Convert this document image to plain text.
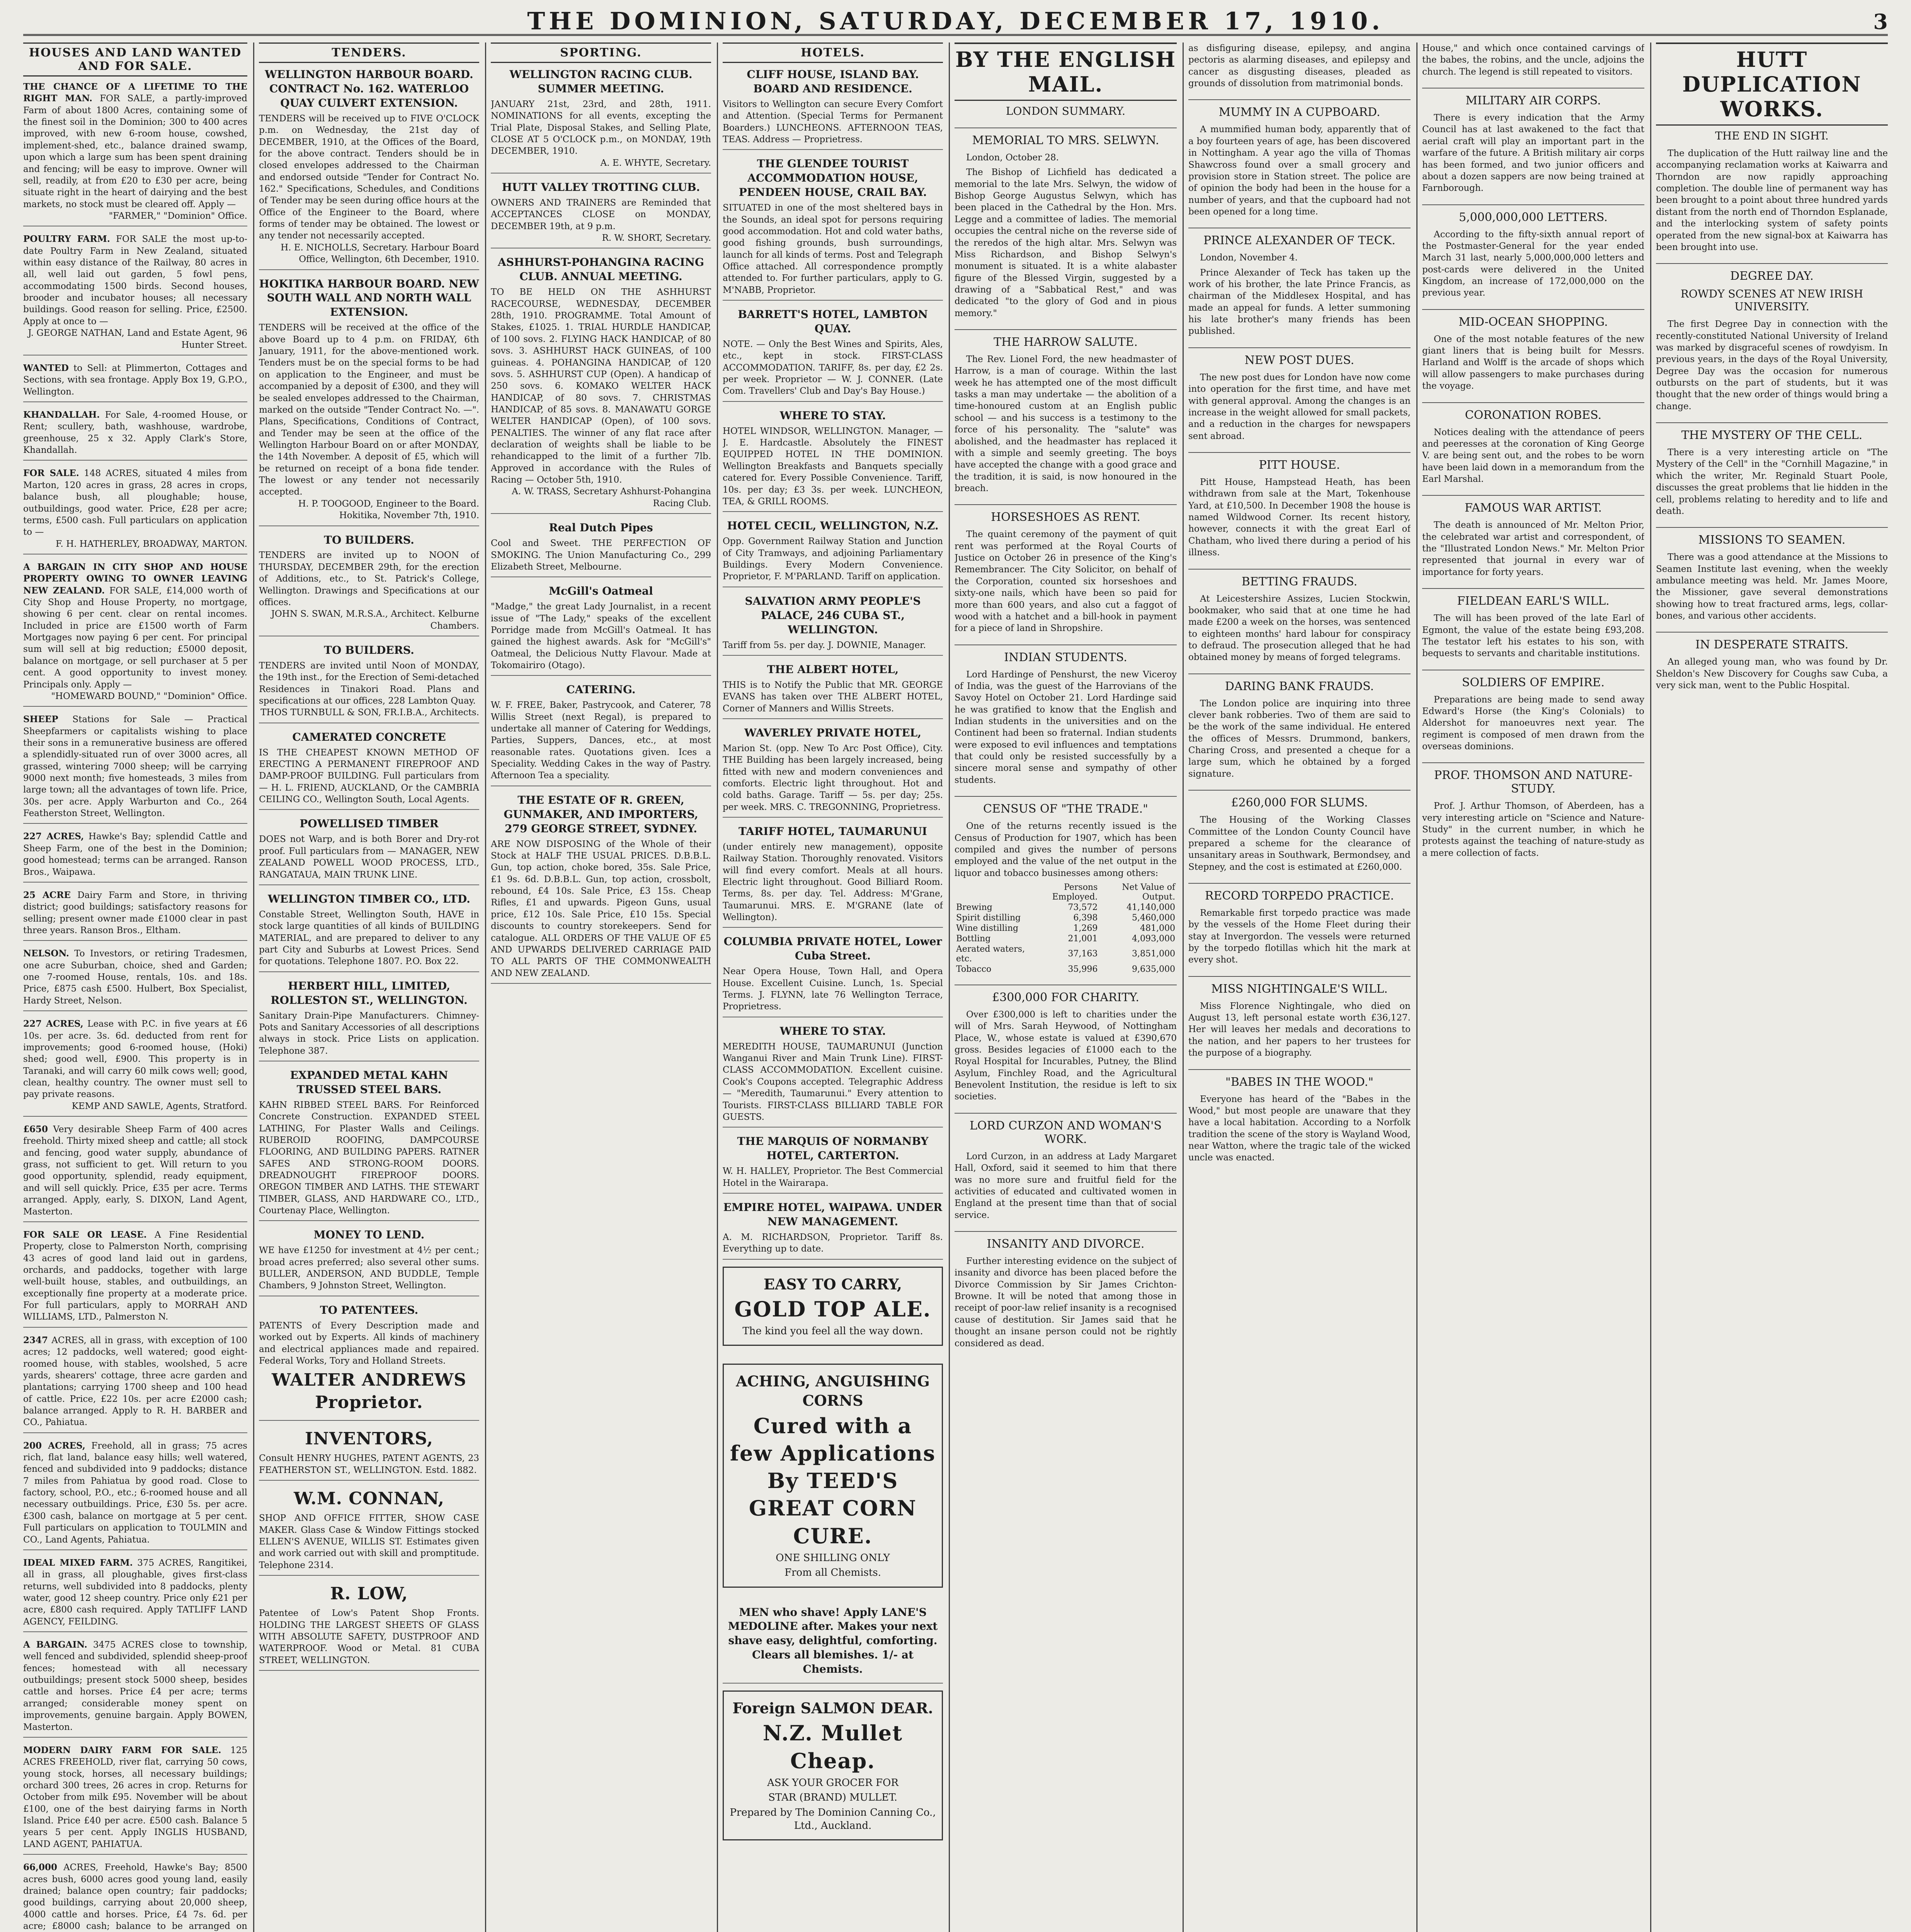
THE DOMINION, SATURDAY, DECEMBER 17, 1910.	3
HOUSES AND LAND WANTED AND FOR SALE.
THE CHANCE OF A LIFETIME TO THE RIGHT MAN. FOR SALE, a partly-improved Farm of about 1800 Acres, containing some of the finest soil in the Dominion; 300 to 400 acres improved, with new 6-room house, cowshed, implement-shed, etc., balance drained swamp, upon which a large sum has been spent draining and fencing; will be easy to improve. Owner will sell, readily, at from £20 to £30 per acre, being situate right in the heart of dairying and the best markets, no stock must be cleared off. Apply —
"FARMER," "Dominion" Office.
POULTRY FARM. FOR SALE the most up-to-date Poultry Farm in New Zealand, situated within easy distance of the Railway, 80 acres in all, well laid out garden, 5 fowl pens, accommodating 1500 birds. Second houses, brooder and incubator houses; all necessary buildings. Good reason for selling. Price, £2500. Apply at once to —
J. GEORGE NATHAN, Land and Estate Agent, 96 Hunter Street.
WANTED to Sell: at Plimmerton, Cottages and Sections, with sea frontage. Apply Box 19, G.P.O., Wellington.
KHANDALLAH. For Sale, 4-roomed House, or Rent; scullery, bath, washhouse, wardrobe, greenhouse, 25 x 32. Apply Clark's Store, Khandallah.
FOR SALE. 148 ACRES, situated 4 miles from Marton, 120 acres in grass, 28 acres in crops, balance bush, all ploughable; house, outbuildings, good water. Price, £28 per acre; terms, £500 cash. Full particulars on application to —
F. H. HATHERLEY, BROADWAY, MARTON.
A BARGAIN IN CITY SHOP AND HOUSE PROPERTY OWING TO OWNER LEAVING NEW ZEALAND. FOR SALE, £14,000 worth of City Shop and House Property, no mortgage, showing 6 per cent. clear on rental incomes. Included in price are £1500 worth of Farm Mortgages now paying 6 per cent. For principal sum will sell at big reduction; £5000 deposit, balance on mortgage, or sell purchaser at 5 per cent. A good opportunity to invest money. Principals only. Apply —
"HOMEWARD BOUND," "Dominion" Office.
SHEEP Stations for Sale — Practical Sheepfarmers or capitalists wishing to place their sons in a remunerative business are offered a splendidly-situated run of over 3000 acres, all grassed, wintering 7000 sheep; will be carrying 9000 next month; five homesteads, 3 miles from large town; all the advantages of town life. Price, 30s. per acre. Apply Warburton and Co., 264 Featherston Street, Wellington.
227 ACRES, Hawke's Bay; splendid Cattle and Sheep Farm, one of the best in the Dominion; good homestead; terms can be arranged. Ranson Bros., Waipawa.
25 ACRE Dairy Farm and Store, in thriving district; good buildings; satisfactory reasons for selling; present owner made £1000 clear in past three years. Ranson Bros., Eltham.
NELSON. To Investors, or retiring Tradesmen, one acre Suburban, choice, shed and Garden; one 7-roomed House, rentals, 10s. and 18s. Price, £875 cash £500. Hulbert, Box Specialist, Hardy Street, Nelson.
227 ACRES, Lease with P.C. in five years at £6 10s. per acre. 3s. 6d. deducted from rent for improvements; good 6-roomed house, (Hoki) shed; good well, £900. This property is in Taranaki, and will carry 60 milk cows well; good, clean, healthy country. The owner must sell to pay private reasons.
KEMP AND SAWLE, Agents, Stratford.
£650 Very desirable Sheep Farm of 400 acres freehold. Thirty mixed sheep and cattle; all stock and fencing, good water supply, abundance of grass, not sufficient to get. Will return to you good opportunity, splendid, ready equipment, and will sell quickly. Price, £35 per acre. Terms arranged. Apply, early, S. DIXON, Land Agent, Masterton.
FOR SALE OR LEASE. A Fine Residential Property, close to Palmerston North, comprising 43 acres of good land laid out in gardens, orchards, and paddocks, together with large well-built house, stables, and outbuildings, an exceptionally fine property at a moderate price. For full particulars, apply to MORRAH AND WILLIAMS, LTD., Palmerston N.
2347 ACRES, all in grass, with exception of 100 acres; 12 paddocks, well watered; good eight-roomed house, with stables, woolshed, 5 acre yards, shearers' cottage, three acre garden and plantations; carrying 1700 sheep and 100 head of cattle. Price, £22 10s. per acre £2000 cash; balance arranged. Apply to R. H. BARBER and CO., Pahiatua.
200 ACRES, Freehold, all in grass; 75 acres rich, flat land, balance easy hills; well watered, fenced and subdivided into 9 paddocks; distance 7 miles from Pahiatua by good road. Close to factory, school, P.O., etc.; 6-roomed house and all necessary outbuildings. Price, £30 5s. per acre. £300 cash, balance on mortgage at 5 per cent. Full particulars on application to TOULMIN and CO., Land Agents, Pahiatua.
IDEAL MIXED FARM. 375 ACRES, Rangitikei, all in grass, all ploughable, gives first-class returns, well subdivided into 8 paddocks, plenty water, good 12 sheep country. Price only £21 per acre, £800 cash required. Apply TATLIFF LAND AGENCY, FEILDING.
A BARGAIN. 3475 ACRES close to township, well fenced and subdivided, splendid sheep-proof fences; homestead with all necessary outbuildings; present stock 5000 sheep, besides cattle and horses. Price £4 per acre; terms arranged; considerable money spent on improvements, genuine bargain. Apply BOWEN, Masterton.
MODERN DAIRY FARM FOR SALE. 125 ACRES FREEHOLD, river flat, carrying 50 cows, young stock, horses, all necessary buildings; orchard 300 trees, 26 acres in crop. Returns for October from milk £95. November will be about £100, one of the best dairying farms in North Island. Price £40 per acre. £500 cash. Balance 5 years 5 per cent. Apply INGLIS HUSBAND, LAND AGENT, PAHIATUA.
66,000 ACRES, Freehold, Hawke's Bay; 8500 acres bush, 6000 acres good young land, easily drained; balance open country; fair paddocks; good buildings, carrying about 20,000 sheep, 4000 cattle and horses. Price, £4 7s. 6d. per acre; £8000 cash; balance to be arranged on
TENDERS.
WELLINGTON HARBOUR BOARD. CONTRACT No. 162. WATERLOO QUAY CULVERT EXTENSION.
TENDERS will be received up to FIVE O'CLOCK p.m. on Wednesday, the 21st day of DECEMBER, 1910, at the Offices of the Board, for the above contract. Tenders should be in closed envelopes addressed to the Chairman and endorsed outside "Tender for Contract No. 162." Specifications, Schedules, and Conditions of Tender may be seen during office hours at the Office of the Engineer to the Board, where forms of tender may be obtained. The lowest or any tender not necessarily accepted.
H. E. NICHOLLS, Secretary. Harbour Board Office, Wellington, 6th December, 1910.
HOKITIKA HARBOUR BOARD. NEW SOUTH WALL AND NORTH WALL EXTENSION.
TENDERS will be received at the office of the above Board up to 4 p.m. on FRIDAY, 6th January, 1911, for the above-mentioned work. Tenders must be on the special forms to be had on application to the Engineer, and must be accompanied by a deposit of £300, and they will be sealed envelopes addressed to the Chairman, marked on the outside "Tender Contract No. —". Plans, Specifications, Conditions of Contract, and Tender may be seen at the office of the Wellington Harbour Board on or after MONDAY, the 14th November. A deposit of £5, which will be returned on receipt of a bona fide tender. The lowest or any tender not necessarily accepted.
H. P. TOOGOOD, Engineer to the Board. Hokitika, November 7th, 1910.
TO BUILDERS.
TENDERS are invited up to NOON of THURSDAY, DECEMBER 29th, for the erection of Additions, etc., to St. Patrick's College, Wellington. Drawings and Specifications at our offices.
JOHN S. SWAN, M.R.S.A., Architect. Kelburne Chambers.
TO BUILDERS.
TENDERS are invited until Noon of MONDAY, the 19th inst., for the Erection of Semi-detached Residences in Tinakori Road. Plans and specifications at our offices, 228 Lambton Quay.
THOS TURNBULL & SON, FR.I.B.A., Architects.
CAMERATED CONCRETE
IS THE CHEAPEST KNOWN METHOD OF ERECTING A PERMANENT FIREPROOF AND DAMP-PROOF BUILDING. Full particulars from — H. L. FRIEND, AUCKLAND, Or the CAMBRIA CEILING CO., Wellington South, Local Agents.
POWELLISED TIMBER
DOES not Warp, and is both Borer and Dry-rot proof. Full particulars from — MANAGER, NEW ZEALAND POWELL WOOD PROCESS, LTD., RANGATAUA, MAIN TRUNK LINE.
WELLINGTON TIMBER CO., LTD.
Constable Street, Wellington South, HAVE in stock large quantities of all kinds of BUILDING MATERIAL, and are prepared to deliver to any part City and Suburbs at Lowest Prices. Send for quotations. Telephone 1807. P.O. Box 22.
HERBERT HILL, LIMITED, ROLLESTON ST., WELLINGTON.
Sanitary Drain-Pipe Manufacturers. Chimney-Pots and Sanitary Accessories of all descriptions always in stock. Price Lists on application. Telephone 387.
EXPANDED METAL KAHN TRUSSED STEEL BARS.
KAHN RIBBED STEEL BARS. For Reinforced Concrete Construction. EXPANDED STEEL LATHING, For Plaster Walls and Ceilings. RUBEROID ROOFING, DAMPCOURSE FLOORING, AND BUILDING PAPERS. RATNER SAFES AND STRONG-ROOM DOORS. DREADNOUGHT FIREPROOF DOORS. OREGON TIMBER AND LATHS. THE STEWART TIMBER, GLASS, AND HARDWARE CO., LTD., Courtenay Place, Wellington.
MONEY TO LEND.
WE have £1250 for investment at 4½ per cent.; broad acres preferred; also several other sums. BULLER, ANDERSON, AND BUDDLE, Temple Chambers, 9 Johnston Street, Wellington.
TO PATENTEES.
PATENTS of Every Description made and worked out by Experts. All kinds of machinery and electrical appliances made and repaired. Federal Works, Tory and Holland Streets.
WALTER ANDREWS Proprietor.
INVENTORS,
Consult HENRY HUGHES, PATENT AGENTS, 23 FEATHERSTON ST., WELLINGTON. Estd. 1882.
W.M. CONNAN,
SHOP AND OFFICE FITTER, SHOW CASE MAKER. Glass Case & Window Fittings stocked ELLEN'S AVENUE, WILLIS ST. Estimates given and work carried out with skill and promptitude. Telephone 2314.
R. LOW,
Patentee of Low's Patent Shop Fronts. HOLDING THE LARGEST SHEETS OF GLASS WITH ABSOLUTE SAFETY, DUSTPROOF AND WATERPROOF. Wood or Metal. 81 CUBA STREET, WELLINGTON.
SPORTING.
WELLINGTON RACING CLUB. SUMMER MEETING.
JANUARY 21st, 23rd, and 28th, 1911. NOMINATIONS for all events, excepting the Trial Plate, Disposal Stakes, and Selling Plate, CLOSE AT 5 O'CLOCK p.m., on MONDAY, 19th DECEMBER, 1910.
A. E. WHYTE, Secretary.
HUTT VALLEY TROTTING CLUB.
OWNERS AND TRAINERS are Reminded that ACCEPTANCES CLOSE on MONDAY, DECEMBER 19th, at 9 p.m.
R. W. SHORT, Secretary.
ASHHURST-POHANGINA RACING CLUB. ANNUAL MEETING.
TO BE HELD ON THE ASHHURST RACECOURSE, WEDNESDAY, DECEMBER 28th, 1910. PROGRAMME. Total Amount of Stakes, £1025. 1. TRIAL HURDLE HANDICAP, of 100 sovs. 2. FLYING HACK HANDICAP, of 80 sovs. 3. ASHHURST HACK GUINEAS, of 100 guineas. 4. POHANGINA HANDICAP, of 120 sovs. 5. ASHHURST CUP (Open). A handicap of 250 sovs. 6. KOMAKO WELTER HACK HANDICAP, of 80 sovs. 7. CHRISTMAS HANDICAP, of 85 sovs. 8. MANAWATU GORGE WELTER HANDICAP (Open), of 100 sovs. PENALTIES. The winner of any flat race after declaration of weights shall be liable to be rehandicapped to the limit of a further 7lb. Approved in accordance with the Rules of Racing — October 5th, 1910.
A. W. TRASS, Secretary Ashhurst-Pohangina Racing Club.
Real Dutch Pipes
Cool and Sweet. THE PERFECTION OF SMOKING. The Union Manufacturing Co., 299 Elizabeth Street, Melbourne.
McGill's Oatmeal
"Madge," the great Lady Journalist, in a recent issue of "The Lady," speaks of the excellent Porridge made from McGill's Oatmeal. It has gained the highest awards. Ask for "McGill's" Oatmeal, the Delicious Nutty Flavour. Made at Tokomairiro (Otago).
CATERING.
W. F. FREE, Baker, Pastrycook, and Caterer, 78 Willis Street (next Regal), is prepared to undertake all manner of Catering for Weddings, Parties, Suppers, Dances, etc., at most reasonable rates. Quotations given. Ices a Speciality. Wedding Cakes in the way of Pastry. Afternoon Tea a speciality.
THE ESTATE OF R. GREEN, GUNMAKER, AND IMPORTERS, 279 GEORGE STREET, SYDNEY.
ARE NOW DISPOSING of the Whole of their Stock at HALF THE USUAL PRICES. D.B.B.L. Gun, top action, choke bored, 35s. Sale Price, £1 9s. 6d. D.B.B.L. Gun, top action, crossbolt, rebound, £4 10s. Sale Price, £3 15s. Cheap Rifles, £1 and upwards. Pigeon Guns, usual price, £12 10s. Sale Price, £10 15s. Special discounts to country storekeepers. Send for catalogue. ALL ORDERS OF THE VALUE OF £5 AND UPWARDS DELIVERED CARRIAGE PAID TO ALL PARTS OF THE COMMONWEALTH AND NEW ZEALAND.
HOTELS.
CLIFF HOUSE, ISLAND BAY. BOARD AND RESIDENCE.
Visitors to Wellington can secure Every Comfort and Attention. (Special Terms for Permanent Boarders.) LUNCHEONS. AFTERNOON TEAS, TEAS. Address — Proprietress.
THE GLENDEE TOURIST ACCOMMODATION HOUSE, PENDEEN HOUSE, CRAIL BAY.
SITUATED in one of the most sheltered bays in the Sounds, an ideal spot for persons requiring good accommodation. Hot and cold water baths, good fishing grounds, bush surroundings, launch for all kinds of terms. Post and Telegraph Office attached. All correspondence promptly attended to. For further particulars, apply to G. M'NABB, Proprietor.
BARRETT'S HOTEL, LAMBTON QUAY.
NOTE. — Only the Best Wines and Spirits, Ales, etc., kept in stock. FIRST-CLASS ACCOMMODATION. TARIFF, 8s. per day, £2 2s. per week. Proprietor — W. J. CONNER. (Late Com. Travellers' Club and Day's Bay House.)
WHERE TO STAY.
HOTEL WINDSOR, WELLINGTON. Manager, — J. E. Hardcastle. Absolutely the FINEST EQUIPPED HOTEL IN THE DOMINION. Wellington Breakfasts and Banquets specially catered for. Every Possible Convenience. Tariff, 10s. per day; £3 3s. per week. LUNCHEON, TEA, & GRILL ROOMS.
HOTEL CECIL, WELLINGTON, N.Z.
Opp. Government Railway Station and Junction of City Tramways, and adjoining Parliamentary Buildings. Every Modern Convenience. Proprietor, F. M'PARLAND. Tariff on application.
SALVATION ARMY PEOPLE'S PALACE, 246 CUBA ST., WELLINGTON.
Tariff from 5s. per day. J. DOWNIE, Manager.
THE ALBERT HOTEL,
THIS is to Notify the Public that MR. GEORGE EVANS has taken over THE ALBERT HOTEL, Corner of Manners and Willis Streets.
WAVERLEY PRIVATE HOTEL,
Marion St. (opp. New To Arc Post Office), City. THE Building has been largely increased, being fitted with new and modern conveniences and comforts. Electric light throughout. Hot and cold baths. Garage. Tariff — 5s. per day; 25s. per week. MRS. C. TREGONNING, Proprietress.
TARIFF HOTEL, TAUMARUNUI
(under entirely new management), opposite Railway Station. Thoroughly renovated. Visitors will find every comfort. Meals at all hours. Electric light throughout. Good Billiard Room. Terms, 8s. per day. Tel. Address: M'Grane, Taumarunui. MRS. E. M'GRANE (late of Wellington).
COLUMBIA PRIVATE HOTEL, Lower Cuba Street.
Near Opera House, Town Hall, and Opera House. Excellent Cuisine. Lunch, 1s. Special Terms. J. FLYNN, late 76 Wellington Terrace, Proprietress.
WHERE TO STAY.
MEREDITH HOUSE, TAUMARUNUI (Junction Wanganui River and Main Trunk Line). FIRST-CLASS ACCOMMODATION. Excellent cuisine. Cook's Coupons accepted. Telegraphic Address — "Meredith, Taumarunui." Every attention to Tourists. FIRST-CLASS BILLIARD TABLE FOR GUESTS.
THE MARQUIS OF NORMANBY HOTEL, CARTERTON.
W. H. HALLEY, Proprietor. The Best Commercial Hotel in the Wairarapa.
EMPIRE HOTEL, WAIPAWA. UNDER NEW MANAGEMENT.
A. M. RICHARDSON, Proprietor. Tariff 8s. Everything up to date.
EASY TO CARRY,
GOLD TOP ALE.
The kind you feel all the way down.
ACHING, ANGUISHING CORNS
Cured with a few Applications By TEED'S GREAT CORN CURE.
ONE SHILLING ONLY
From all Chemists.
MEN who shave! Apply LANE'S MEDOLINE after. Makes your next shave easy, delightful, comforting. Clears all blemishes. 1/- at Chemists.
Foreign SALMON DEAR.
N.Z. Mullet Cheap.
ASK YOUR GROCER FOR
STAR (BRAND) MULLET.
Prepared by The Dominion Canning Co., Ltd., Auckland.
BY THE ENGLISH MAIL.
LONDON SUMMARY.
MEMORIAL TO MRS. SELWYN.

London, October 28.

The Bishop of Lichfield has dedicated a memorial to the late Mrs. Selwyn, the widow of Bishop George Augustus Selwyn, which has been placed in the Cathedral by the Hon. Mrs. Legge and a committee of ladies. The memorial occupies the central niche on the reverse side of the reredos of the high altar. Mrs. Selwyn was Miss Richardson, and Bishop Selwyn's monument is situated. It is a white alabaster figure of the Blessed Virgin, suggested by a drawing of a "Sabbatical Rest," and was dedicated "to the glory of God and in pious memory."

THE HARROW SALUTE.

The Rev. Lionel Ford, the new headmaster of Harrow, is a man of courage. Within the last week he has attempted one of the most difficult tasks a man may undertake — the abolition of a time-honoured custom at an English public school — and his success is a testimony to the force of his personality. The "salute" was abolished, and the headmaster has replaced it with a simple and seemly greeting. The boys have accepted the change with a good grace and the tradition, it is said, is now honoured in the breach.

HORSESHOES AS RENT.

The quaint ceremony of the payment of quit rent was performed at the Royal Courts of Justice on October 26 in presence of the King's Remembrancer. The City Solicitor, on behalf of the Corporation, counted six horseshoes and sixty-one nails, which have been so paid for more than 600 years, and also cut a faggot of wood with a hatchet and a bill-hook in payment for a piece of land in Shropshire.

INDIAN STUDENTS.

Lord Hardinge of Penshurst, the new Viceroy of India, was the guest of the Harrovians of the Savoy Hotel on October 21. Lord Hardinge said he was gratified to know that the English and Indian students in the universities and on the Continent had been so fraternal. Indian students were exposed to evil influences and temptations that could only be resisted successfully by a sincere moral sense and sympathy of other students.

CENSUS OF "THE TRADE."

One of the returns recently issued is the Census of Production for 1907, which has been compiled and gives the number of persons employed and the value of the net output in the liquor and tobacco businesses among others:

	Persons Employed.	Net Value of Output.
Brewing	73,572	41,140,000
Spirit distilling	6,398	5,460,000
Wine distilling	1,269	481,000
Bottling	21,001	4,093,000
Aerated waters, etc.	37,163	3,851,000
Tobacco	35,996	9,635,000
£300,000 FOR CHARITY.

Over £300,000 is left to charities under the will of Mrs. Sarah Heywood, of Nottingham Place, W., whose estate is valued at £390,670 gross. Besides legacies of £1000 each to the Royal Hospital for Incurables, Putney, the Blind Asylum, Finchley Road, and the Agricultural Benevolent Institution, the residue is left to six societies.

LORD CURZON AND WOMAN'S WORK.

Lord Curzon, in an address at Lady Margaret Hall, Oxford, said it seemed to him that there was no more sure and fruitful field for the activities of educated and cultivated women in England at the present time than that of social service.

INSANITY AND DIVORCE.

Further interesting evidence on the subject of insanity and divorce has been placed before the Divorce Commission by Sir James Crichton-Browne. It will be noted that among those in receipt of poor-law relief insanity is a recognised cause of destitution. Sir James said that he thought an insane person could not be rightly considered as dead.

as disfiguring disease, epilepsy, and angina pectoris as alarming diseases, and epilepsy and cancer as disgusting diseases, pleaded as grounds of dissolution from matrimonial bonds.

MUMMY IN A CUPBOARD.

A mummified human body, apparently that of a boy fourteen years of age, has been discovered in Nottingham. A year ago the villa of Thomas Shawcross found over a small grocery and provision store in Station street. The police are of opinion the body had been in the house for a number of years, and that the cupboard had not been opened for a long time.

PRINCE ALEXANDER OF TECK.

London, November 4.

Prince Alexander of Teck has taken up the work of his brother, the late Prince Francis, as chairman of the Middlesex Hospital, and has made an appeal for funds. A letter summoning his late brother's many friends has been published.

NEW POST DUES.

The new post dues for London have now come into operation for the first time, and have met with general approval. Among the changes is an increase in the weight allowed for small packets, and a reduction in the charges for newspapers sent abroad.

PITT HOUSE.

Pitt House, Hampstead Heath, has been withdrawn from sale at the Mart, Tokenhouse Yard, at £10,500. In December 1908 the house is named Wildwood Corner. Its recent history, however, connects it with the great Earl of Chatham, who lived there during a period of his illness.

BETTING FRAUDS.

At Leicestershire Assizes, Lucien Stockwin, bookmaker, who said that at one time he had made £200 a week on the horses, was sentenced to eighteen months' hard labour for conspiracy to defraud. The prosecution alleged that he had obtained money by means of forged telegrams.

DARING BANK FRAUDS.

The London police are inquiring into three clever bank robberies. Two of them are said to be the work of the same individual. He entered the offices of Messrs. Drummond, bankers, Charing Cross, and presented a cheque for a large sum, which he obtained by a forged signature.

£260,000 FOR SLUMS.

The Housing of the Working Classes Committee of the London County Council have prepared a scheme for the clearance of unsanitary areas in Southwark, Bermondsey, and Stepney, and the cost is estimated at £260,000.

RECORD TORPEDO PRACTICE.

Remarkable first torpedo practice was made by the vessels of the Home Fleet during their stay at Invergordon. The vessels were returned by the torpedo flotillas which hit the mark at every shot.

MISS NIGHTINGALE'S WILL.

Miss Florence Nightingale, who died on August 13, left personal estate worth £36,127. Her will leaves her medals and decorations to the nation, and her papers to her trustees for the purpose of a biography.

"BABES IN THE WOOD."

Everyone has heard of the "Babes in the Wood," but most people are unaware that they have a local habitation. According to a Norfolk tradition the scene of the story is Wayland Wood, near Watton, where the tragic tale of the wicked uncle was enacted.

House," and which once contained carvings of the babes, the robins, and the uncle, adjoins the church. The legend is still repeated to visitors.

MILITARY AIR CORPS.

There is every indication that the Army Council has at last awakened to the fact that aerial craft will play an important part in the warfare of the future. A British military air corps has been formed, and two junior officers and about a dozen sappers are now being trained at Farnborough.

5,000,000,000 LETTERS.

According to the fifty-sixth annual report of the Postmaster-General for the year ended March 31 last, nearly 5,000,000,000 letters and post-cards were delivered in the United Kingdom, an increase of 172,000,000 on the previous year.

MID-OCEAN SHOPPING.

One of the most notable features of the new giant liners that is being built for Messrs. Harland and Wolff is the arcade of shops which will allow passengers to make purchases during the voyage.

CORONATION ROBES.

Notices dealing with the attendance of peers and peeresses at the coronation of King George V. are being sent out, and the robes to be worn have been laid down in a memorandum from the Earl Marshal.

FAMOUS WAR ARTIST.

The death is announced of Mr. Melton Prior, the celebrated war artist and correspondent, of the "Illustrated London News." Mr. Melton Prior represented that journal in every war of importance for forty years.

FIELDEAN EARL'S WILL.

The will has been proved of the late Earl of Egmont, the value of the estate being £93,208. The testator left his estates to his son, with bequests to servants and charitable institutions.

SOLDIERS OF EMPIRE.

Preparations are being made to send away Edward's Horse (the King's Colonials) to Aldershot for manoeuvres next year. The regiment is composed of men drawn from the overseas dominions.

PROF. THOMSON AND NATURE-STUDY.

Prof. J. Arthur Thomson, of Aberdeen, has a very interesting article on "Science and Nature-Study" in the current number, in which he protests against the teaching of nature-study as a mere collection of facts.

HUTT DUPLICATION WORKS.
THE END IN SIGHT.

The duplication of the Hutt railway line and the accompanying reclamation works at Kaiwarra and Thorndon are now rapidly approaching completion. The double line of permanent way has been brought to a point about three hundred yards distant from the north end of Thorndon Esplanade, and the interlocking system of safety points operated from the new signal-box at Kaiwarra has been brought into use.

DEGREE DAY.
ROWDY SCENES AT NEW IRISH UNIVERSITY.

The first Degree Day in connection with the recently-constituted National University of Ireland was marked by disgraceful scenes of rowdyism. In previous years, in the days of the Royal University, Degree Day was the occasion for numerous outbursts on the part of students, but it was thought that the new order of things would bring a change.

THE MYSTERY OF THE CELL.

There is a very interesting article on "The Mystery of the Cell" in the "Cornhill Magazine," in which the writer, Mr. Reginald Stuart Poole, discusses the great problems that lie hidden in the cell, problems relating to heredity and to life and death.

MISSIONS TO SEAMEN.

There was a good attendance at the Missions to Seamen Institute last evening, when the weekly ambulance meeting was held. Mr. James Moore, the Missioner, gave several demonstrations showing how to treat fractured arms, legs, collar-bones, and various other accidents.

IN DESPERATE STRAITS.

An alleged young man, who was found by Dr. Sheldon's New Discovery for Coughs saw Cuba, a very sick man, went to the Public Hospital.
